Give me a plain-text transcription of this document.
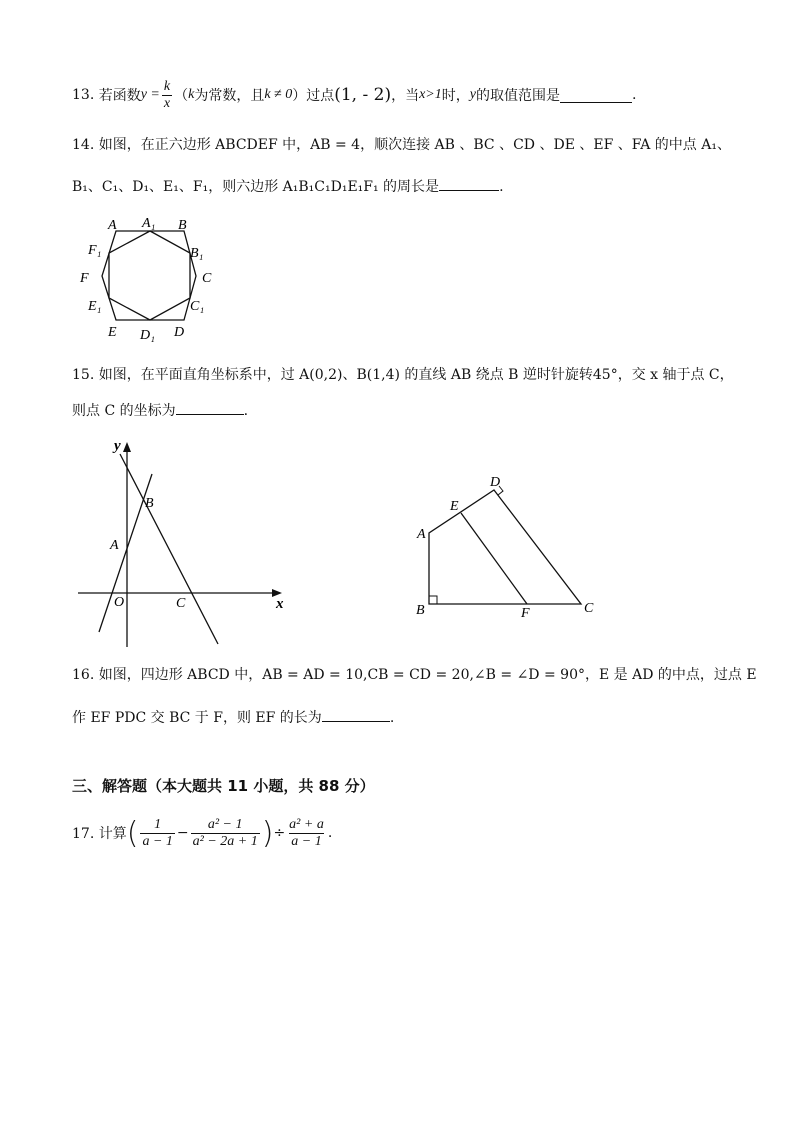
13.
若函数 $y = \frac{k}{x}$ （ k 为常数，且 k ≠ 0 ）过点 (1, - 2) ，当 x>1 时， y 的取值范围是	.
14. 如图，在正六边形 ABCDEF 中，AB = 4，顺次连接 AB 、BC 、CD 、DE 、EF 、FA 的中点 A₁、
B₁、C₁、D₁、E₁、F₁，则六边形 A₁B₁C₁D₁E₁F₁ 的周长是	.
A A₁ B
F₁	B₁
F	C
E₁	C₁
E D₁ D
15. 如图，在平面直角坐标系中，过 A(0,2)、B(1,4) 的直线 AB 绕点 B 逆时针旋转45°，交 x 轴于点 C，
则点 C 的坐标为	.
y
x
B
A
O	C
D
E
A
B	F	C
16. 如图，四边形 ABCD 中，AB = AD = 10,CB = CD = 20,∠B = ∠D = 90°，E 是 AD 的中点，过点 E
作 EF PDC 交 BC 于 F，则 EF 的长为	.
三、解答题（本大题共 11 小题，共 88 分）
17. 计算 ( $\frac{1}{a - 1} - \frac{\text{a² − 1}}{\text{a² − 2a + 1}}$ ) ÷ $\frac{\text{a² + a}}{a - 1}$ .
